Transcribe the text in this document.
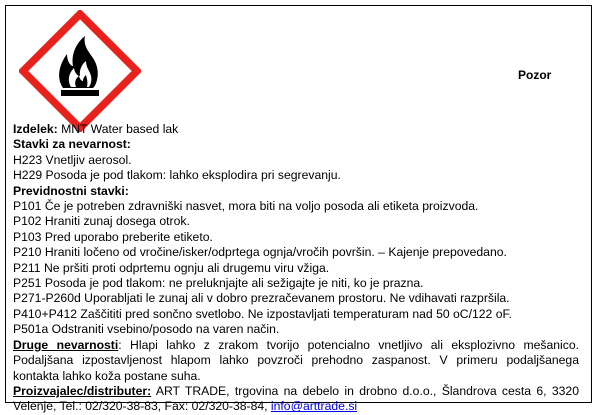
Pozor
Izdelek: MNT Water based lak
Stavki za nevarnost:
H223 Vnetljiv aerosol.
H229 Posoda je pod tlakom: lahko eksplodira pri segrevanju.
Previdnostni stavki:
P101 Če je potreben zdravniški nasvet, mora biti na voljo posoda ali etiketa proizvoda.
P102 Hraniti zunaj dosega otrok.
P103 Pred uporabo preberite etiketo.
P210 Hraniti ločeno od vročine/isker/odprtega ognja/vročih površin. – Kajenje prepovedano.
P211 Ne pršiti proti odprtemu ognju ali drugemu viru vžiga.
P251 Posoda je pod tlakom: ne preluknjajte ali sežigajte je niti, ko je prazna.
P271-P260d Uporabljati le zunaj ali v dobro prezračevanem prostoru. Ne vdihavati razpršila.
P410+P412 Zaščititi pred sončno svetlobo. Ne izpostavljati temperaturam nad 50 oC/122 oF.
P501a Odstraniti vsebino/posodo na varen način.
Druge nevarnosti: Hlapi lahko z zrakom tvorijo potencialno vnetljivo ali eksplozivno mešanico. Podaljšana izpostavljenost hlapom lahko povzroči prehodno zaspanost. V primeru podaljšanega kontakta lahko koža postane suha.
Proizvajalec/distributer: ART TRADE, trgovina na debelo in drobno d.o.o., Šlandrova cesta 6, 3320 Velenje, Tel.: 02/320-38-83, Fax: 02/320-38-84, info@arttrade.si
